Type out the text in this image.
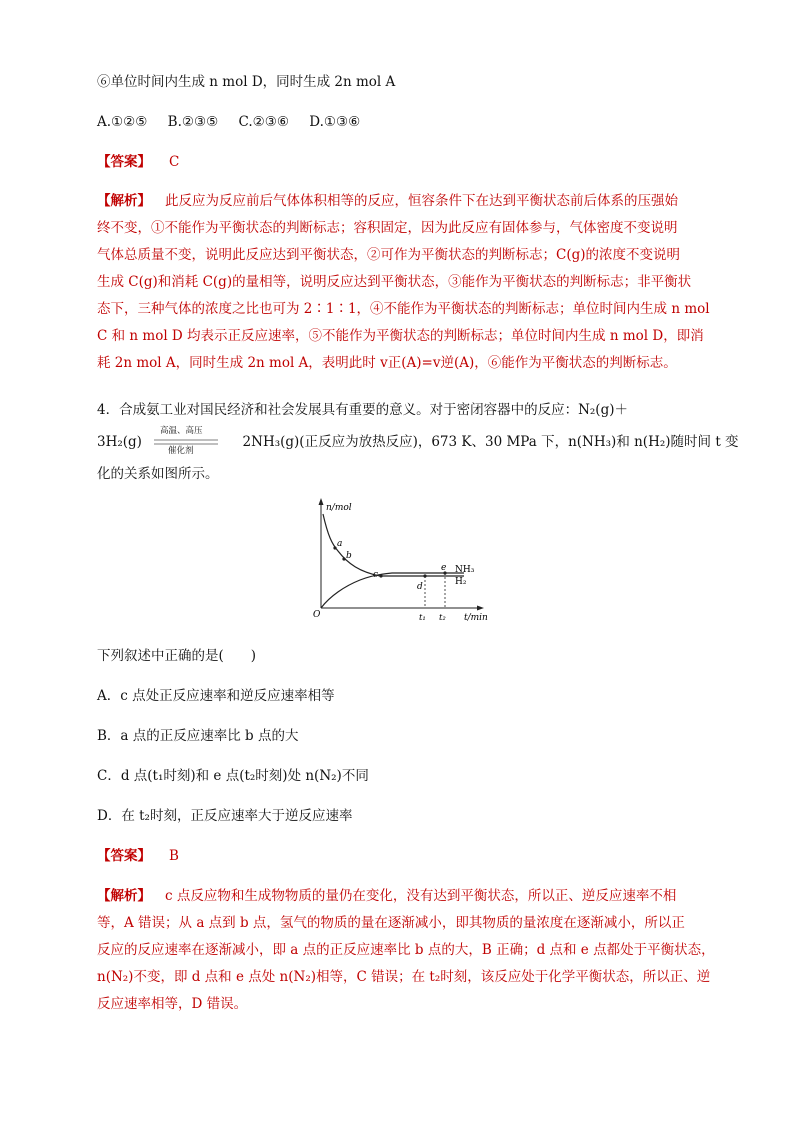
⑥单位时间内生成 n mol D，同时生成 2n mol A
A.①②⑤ B.②③⑤ C.②③⑥ D.①③⑥
【答案】 C
【解析】 此反应为反应前后气体体积相等的反应，恒容条件下在达到平衡状态前后体系的压强始
终不变，①不能作为平衡状态的判断标志；容积固定，因为此反应有固体参与，气体密度不变说明
气体总质量不变，说明此反应达到平衡状态，②可作为平衡状态的判断标志；C(g)的浓度不变说明
生成 C(g)和消耗 C(g)的量相等，说明反应达到平衡状态，③能作为平衡状态的判断标志；非平衡状
态下，三种气体的浓度之比也可为 2∶1∶1，④不能作为平衡状态的判断标志；单位时间内生成 n mol
C 和 n mol D 均表示正反应速率，⑤不能作为平衡状态的判断标志；单位时间内生成 n mol D，即消
耗 2n mol A，同时生成 2n mol A，表明此时 v正(A)=v逆(A)，⑥能作为平衡状态的判断标志。
4．合成氨工业对国民经济和社会发展具有重要的意义。对于密闭容器中的反应：N₂(g)＋
3H₂(g)	2NH₃(g)(正反应为放热反应)，673 K、30 MPa 下，n(NH₃)和 n(H₂)随时间 t 变
高温、高压
催化剂
化的关系如图所示。
n/mol
t/min
O
a
b
c
d
e
t₁ t₂
NH₃
H₂
下列叙述中正确的是(　　)
A．c 点处正反应速率和逆反应速率相等
B．a 点的正反应速率比 b 点的大
C．d 点(t₁时刻)和 e 点(t₂时刻)处 n(N₂)不同
D．在 t₂时刻，正反应速率大于逆反应速率
【答案】 B
【解析】 c 点反应物和生成物物质的量仍在变化，没有达到平衡状态，所以正、逆反应速率不相
等，A 错误；从 a 点到 b 点，氢气的物质的量在逐渐减小，即其物质的量浓度在逐渐减小，所以正
反应的反应速率在逐渐减小，即 a 点的正反应速率比 b 点的大，B 正确；d 点和 e 点都处于平衡状态，
n(N₂)不变，即 d 点和 e 点处 n(N₂)相等，C 错误；在 t₂时刻，该反应处于化学平衡状态，所以正、逆
反应速率相等，D 错误。
